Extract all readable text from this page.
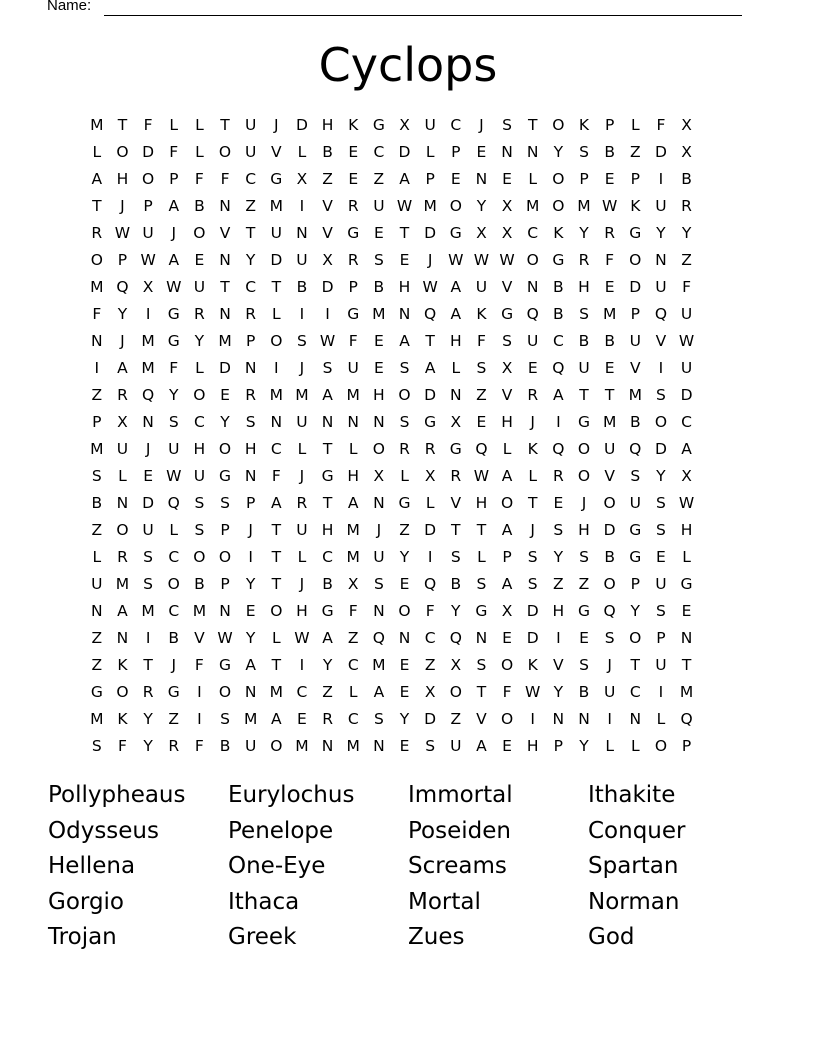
Name:
Cyclops
M T	F	L	L	T U	J	D H K G X U C	J	S	T O K	P	L	F	X
L O D F	L O U V	L	B E C D L	P	E N N Y	S B Z D X
A H O P	F	F	C G X Z E Z A	P	E N E	L O P	E	P	I	B
T	J	P	A B N Z M	I	V R U W M O Y	X M O M W K U R
R W U	J	O V	T U N V G E	T D G X X C K	Y	R G Y	Y
O P W A E N Y D U X R S	E	J	W W W O G R	F O N Z
M Q X W U T	C T	B D P	B H W A U V N B H E D U	F
F	Y	I	G R N R	L	I	I	G M N Q A K G Q B S M P Q U
N	J	M G Y M P O S W F	E A	T H F	S U C B B U V W
I	A M F	L D N	I	J	S U E	S A	L	S X E Q U E V	I	U
Z R Q Y O E R M M A M H O D N Z V R A	T	T M S D
P	X N S C Y	S N U N N N S G X E H	J	I	G M B O C
M U	J	U H O H C	L	T	L O R R G Q L	K Q O U Q D A
S	L	E W U G N F	J	G H X	L	X R W A	L	R O V S	Y	X
B N D Q S	S	P	A R	T	A N G L	V H O T	E	J	O U S W
Z O U	L	S	P	J	T U H M	J	Z D T	T	A	J	S H D G S H
L	R S C O O	I	T	L	C M U Y	I	S	L	P	S	Y	S B G E	L
U M S O B	P	Y	T	J	B X S	E Q B S A S Z Z O P U G
N A M C M N E O H G F N O F	Y G X D H G Q Y	S	E
Z N	I	B V W Y	L W A Z Q N C Q N E D	I	E	S O P N
Z K	T	J	F G A	T	I	Y	C M E Z X S O K V S	J	T U T
G O R G	I	O N M C Z	L	A E X O T	F W Y	B U C	I	M
M K	Y	Z	I	S M A E R C S	Y D Z V O	I	N N	I	N	L Q
S	F	Y	R	F	B U O M N M N E	S U A E H P	Y	L	L O P
Pollypheaus	Eurylochus	Immortal	Ithakite
Odysseus	Penelope	Poseiden	Conquer
Hellena	One-Eye	Screams	Spartan
Gorgio	Ithaca	Mortal	Norman
Trojan	Greek	Zues	God
